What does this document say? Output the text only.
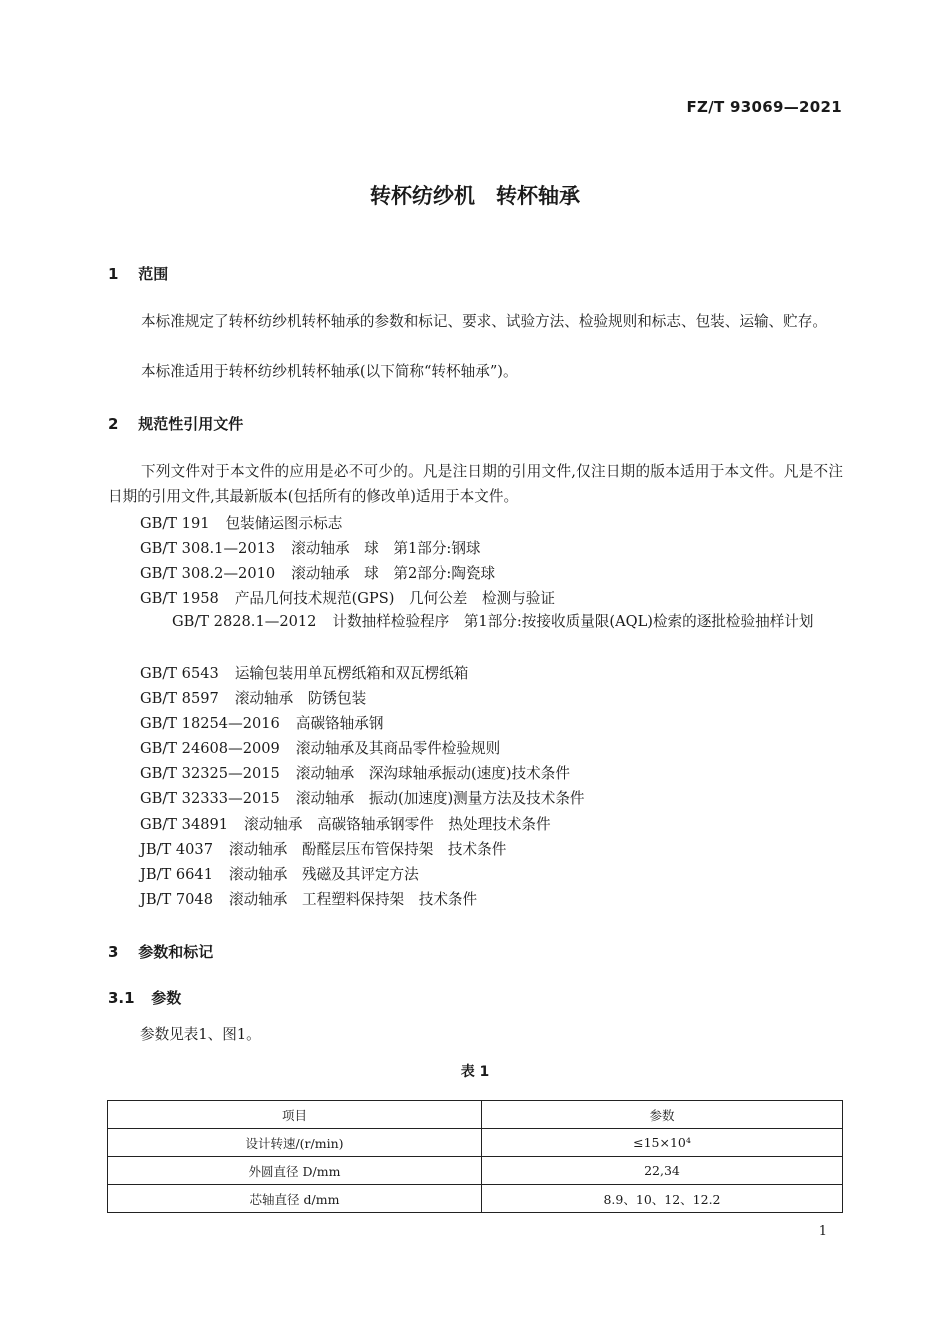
FZ/T 93069—2021
转杯纺纱机　转杯轴承
1 范围
本标准规定了转杯纺纱机转杯轴承的参数和标记、要求、试验方法、检验规则和标志、包装、运输、贮存。
本标准适用于转杯纺纱机转杯轴承(以下简称“转杯轴承”)。
2 规范性引用文件
下列文件对于本文件的应用是必不可少的。凡是注日期的引用文件,仅注日期的版本适用于本文件。凡是不注日期的引用文件,其最新版本(包括所有的修改单)适用于本文件。
GB/T 191 包装储运图示标志
GB/T 308.1—2013 滚动轴承　球　第1部分:钢球
GB/T 308.2—2010 滚动轴承　球　第2部分:陶瓷球
GB/T 1958 产品几何技术规范(GPS)　几何公差　检测与验证
GB/T 2828.1—2012 计数抽样检验程序　第1部分:按接收质量限(AQL)检索的逐批检验抽样计划
GB/T 6543 运输包装用单瓦楞纸箱和双瓦楞纸箱
GB/T 8597 滚动轴承　防锈包装
GB/T 18254—2016 高碳铬轴承钢
GB/T 24608—2009 滚动轴承及其商品零件检验规则
GB/T 32325—2015 滚动轴承　深沟球轴承振动(速度)技术条件
GB/T 32333—2015 滚动轴承　振动(加速度)测量方法及技术条件
GB/T 34891 滚动轴承　高碳铬轴承钢零件　热处理技术条件
JB/T 4037 滚动轴承　酚醛层压布管保持架　技术条件
JB/T 6641 滚动轴承　残磁及其评定方法
JB/T 7048 滚动轴承　工程塑料保持架　技术条件
3 参数和标记
3.1 参数
参数见表1、图1。
表 1
项目	参数
设计转速/(r/min)	≤15×10⁴
外圆直径 D/mm	22,34
芯轴直径 d/mm	8.9、10、12、12.2
1
